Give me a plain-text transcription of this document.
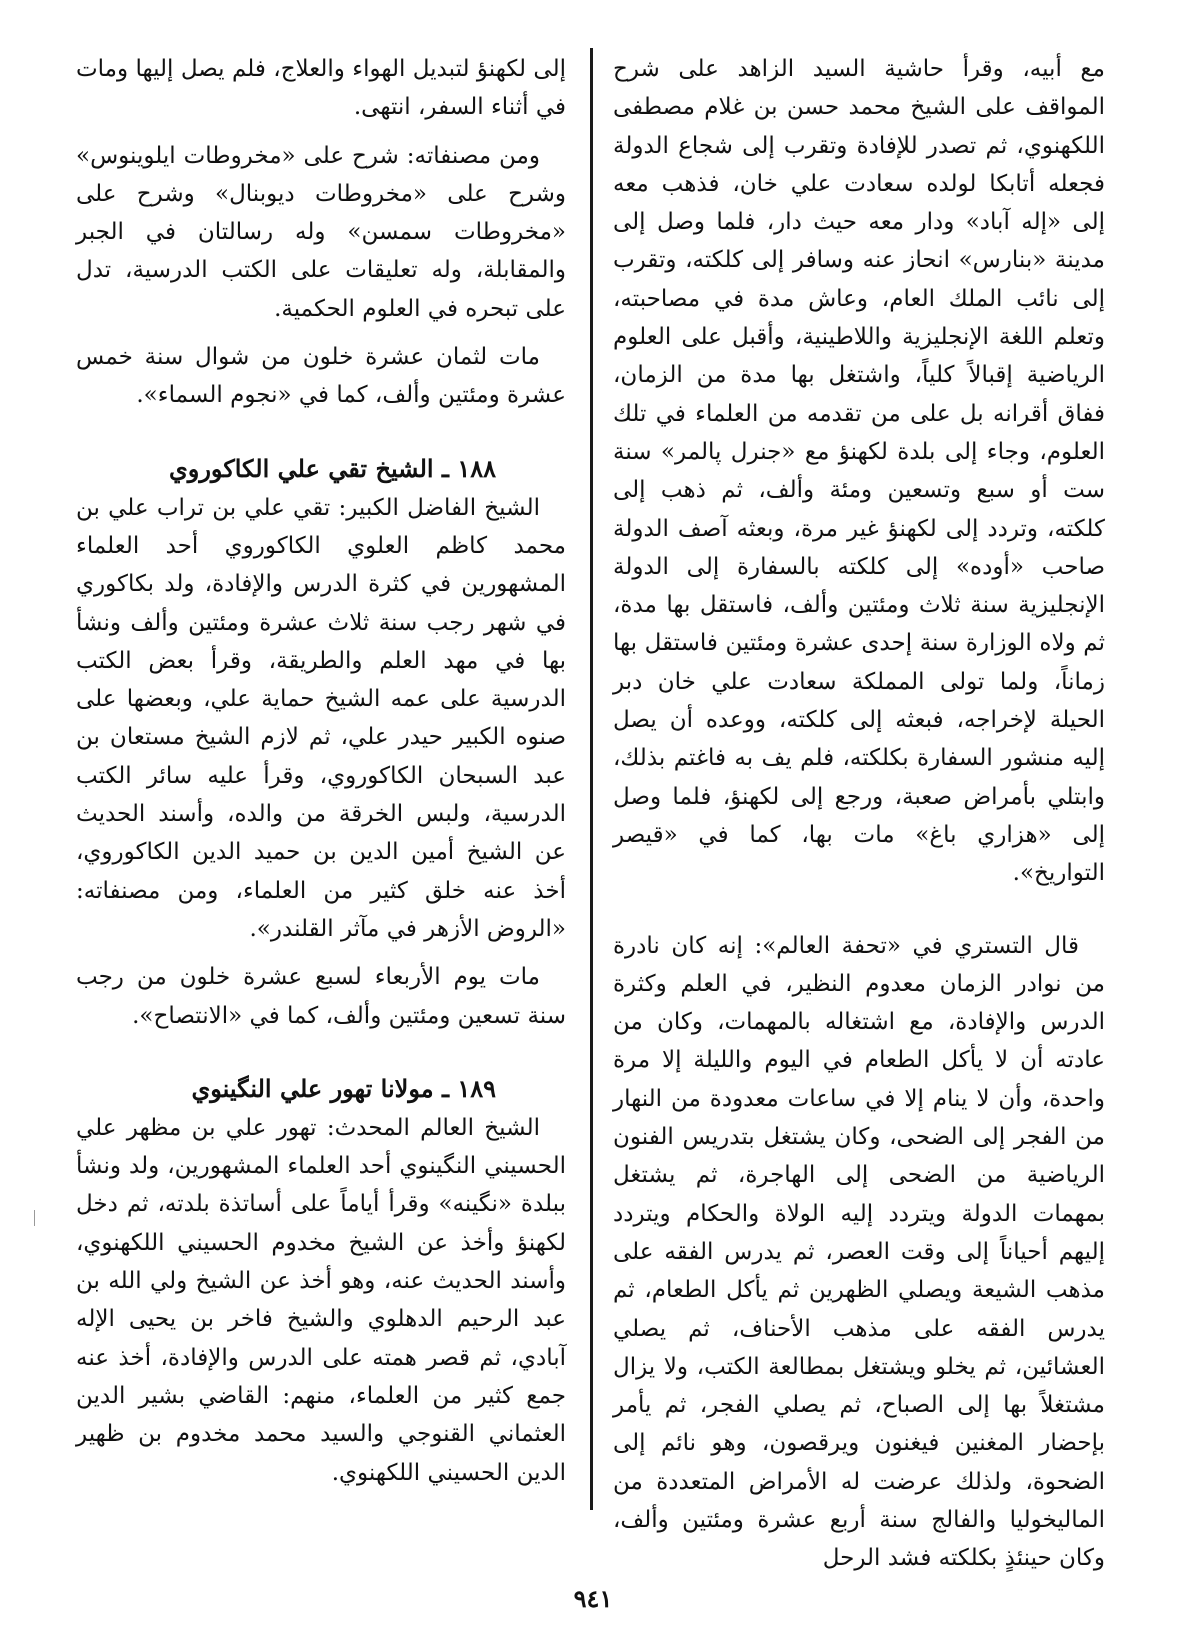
مع أبيه، وقرأ حاشية السيد الزاهد على شرح المواقف على الشيخ محمد حسن بن غلام مصطفى اللكهنوي، ثم تصدر للإفادة وتقرب إلى شجاع الدولة فجعله أتابكا لولده سعادت علي خان، فذهب معه إلى «إله آباد» ودار معه حيث دار، فلما وصل إلى مدينة «بنارس» انحاز عنه وسافر إلى كلكته، وتقرب إلى نائب الملك العام، وعاش مدة في مصاحبته، وتعلم اللغة الإنجليزية واللاطينية، وأقبل على العلوم الرياضية إقبالاً كلياً، واشتغل بها مدة من الزمان، ففاق أقرانه بل على من تقدمه من العلماء في تلك العلوم، وجاء إلى بلدة لكهنؤ مع «جنرل پالمر» سنة ست أو سبع وتسعين ومئة وألف، ثم ذهب إلى كلكته، وتردد إلى لكهنؤ غير مرة، وبعثه آصف الدولة صاحب «أوده» إلى كلكته بالسفارة إلى الدولة الإنجليزية سنة ثلاث ومئتين وألف، فاستقل بها مدة، ثم ولاه الوزارة سنة إحدى عشرة ومئتين فاستقل بها زماناً، ولما تولى المملكة سعادت علي خان دبر الحيلة لإخراجه، فبعثه إلى كلكته، ووعده أن يصل إليه منشور السفارة بكلكته، فلم يف به فاغتم بذلك، وابتلي بأمراض صعبة، ورجع إلى لكهنؤ، فلما وصل إلى «هزاري باغ» مات بها، كما في «قيصر التواريخ».

قال التستري في «تحفة العالم»: إنه كان نادرة من نوادر الزمان معدوم النظير، في العلم وكثرة الدرس والإفادة، مع اشتغاله بالمهمات، وكان من عادته أن لا يأكل الطعام في اليوم والليلة إلا مرة واحدة، وأن لا ينام إلا في ساعات معدودة من النهار من الفجر إلى الضحى، وكان يشتغل بتدريس الفنون الرياضية من الضحى إلى الهاجرة، ثم يشتغل بمهمات الدولة ويتردد إليه الولاة والحكام ويتردد إليهم أحياناً إلى وقت العصر، ثم يدرس الفقه على مذهب الشيعة ويصلي الظهرين ثم يأكل الطعام، ثم يدرس الفقه على مذهب الأحناف، ثم يصلي العشائين، ثم يخلو ويشتغل بمطالعة الكتب، ولا يزال مشتغلاً بها إلى الصباح، ثم يصلي الفجر، ثم يأمر بإحضار المغنين فيغنون ويرقصون، وهو نائم إلى الضحوة، ولذلك عرضت له الأمراض المتعددة من الماليخوليا والفالج سنة أربع عشرة ومئتين وألف، وكان حينئذٍ بكلكته فشد الرحل

إلى لكهنؤ لتبديل الهواء والعلاج، فلم يصل إليها ومات في أثناء السفر، انتهى.

ومن مصنفاته: شرح على «مخروطات ايلوينوس» وشرح على «مخروطات ديوبنال» وشرح على «مخروطات سمسن» وله رسالتان في الجبر والمقابلة، وله تعليقات على الكتب الدرسية، تدل على تبحره في العلوم الحكمية.

مات لثمان عشرة خلون من شوال سنة خمس عشرة ومئتين وألف، كما في «نجوم السماء».

١٨٨ ـ الشيخ تقي علي الكاكوروي

الشيخ الفاضل الكبير: تقي علي بن تراب علي بن محمد كاظم العلوي الكاكوروي أحد العلماء المشهورين في كثرة الدرس والإفادة، ولد بكاكوري في شهر رجب سنة ثلاث عشرة ومئتين وألف ونشأ بها في مهد العلم والطريقة، وقرأ بعض الكتب الدرسية على عمه الشيخ حماية علي، وبعضها على صنوه الكبير حيدر علي، ثم لازم الشيخ مستعان بن عبد السبحان الكاكوروي، وقرأ عليه سائر الكتب الدرسية، ولبس الخرقة من والده، وأسند الحديث عن الشيخ أمين الدين بن حميد الدين الكاكوروي، أخذ عنه خلق كثير من العلماء، ومن مصنفاته: «الروض الأزهر في مآثر القلندر».

مات يوم الأربعاء لسبع عشرة خلون من رجب سنة تسعين ومئتين وألف، كما في «الانتصاح».

١٨٩ ـ مولانا تهور علي النگينوي

الشيخ العالم المحدث: تهور علي بن مظهر علي الحسيني النگينوي أحد العلماء المشهورين، ولد ونشأ ببلدة «نگينه» وقرأ أياماً على أساتذة بلدته، ثم دخل لكهنؤ وأخذ عن الشيخ مخدوم الحسيني اللكهنوي، وأسند الحديث عنه، وهو أخذ عن الشيخ ولي الله بن عبد الرحيم الدهلوي والشيخ فاخر بن يحيى الإله آبادي، ثم قصر همته على الدرس والإفادة، أخذ عنه جمع كثير من العلماء، منهم: القاضي بشير الدين العثماني القنوجي والسيد محمد مخدوم بن ظهير الدين الحسيني اللكهنوي.

٩٤١
